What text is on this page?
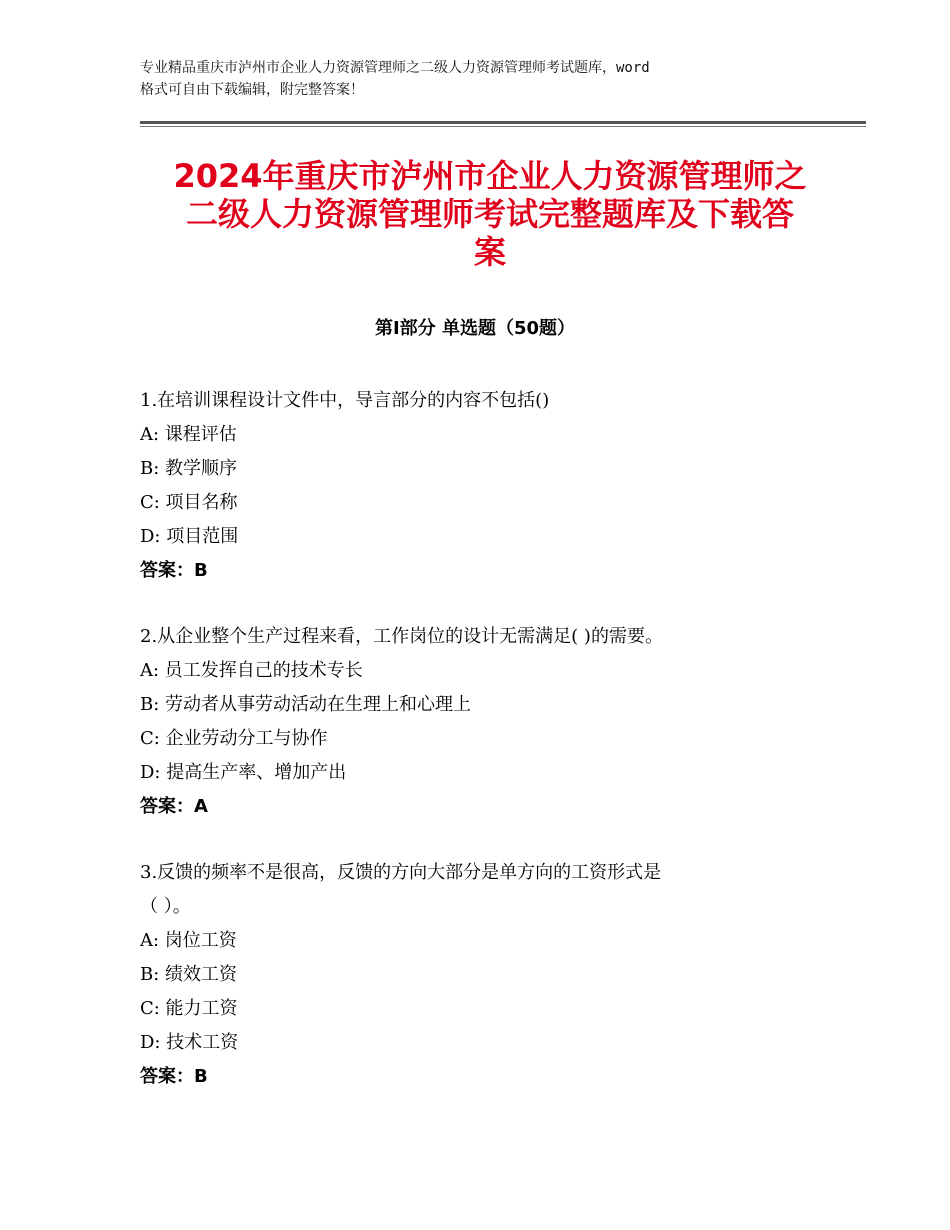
专业精品重庆市泸州市企业人力资源管理师之二级人力资源管理师考试题库，word
格式可自由下载编辑，附完整答案！
2024年重庆市泸州市企业人力资源管理师之
二级人力资源管理师考试完整题库及下载答
案
第Ⅰ部分 单选题（50题）
1.在培训课程设计文件中，导言部分的内容不包括()
A: 课程评估
B: 教学顺序
C: 项目名称
D: 项目范围
答案：B
2.从企业整个生产过程来看，工作岗位的设计无需满足( )的需要。
A: 员工发挥自己的技术专长
B: 劳动者从事劳动活动在生理上和心理上
C: 企业劳动分工与协作
D: 提高生产率、增加产出
答案：A
3.反馈的频率不是很高，反馈的方向大部分是单方向的工资形式是
（ ）。
A: 岗位工资
B: 绩效工资
C: 能力工资
D: 技术工资
答案：B
